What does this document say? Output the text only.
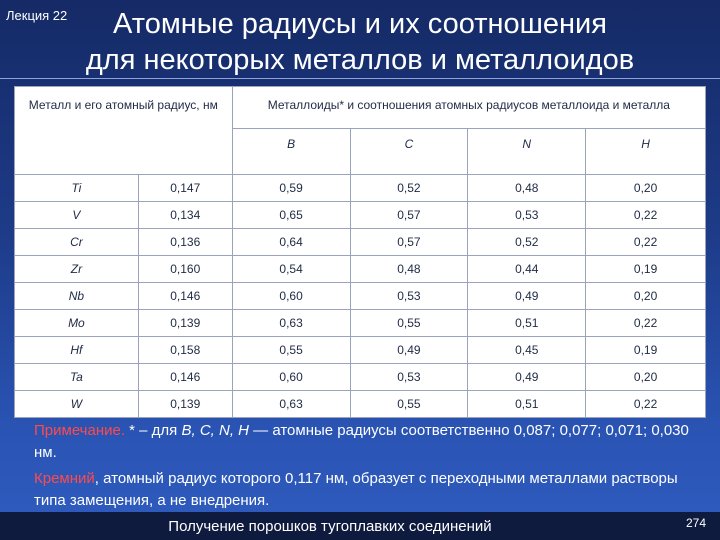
Лекция 22	Атомные радиусы и их соотношения
для некоторых металлов и металлоидов
Металл и его атомный радиус, нм		Металлоиды* и соотношения атомных радиусов металлоида и металла			
		B	C	N	H
Ti	0,147	0,59	0,52	0,48	0,20
V	0,134	0,65	0,57	0,53	0,22
Cr	0,136	0,64	0,57	0,52	0,22
Zr	0,160	0,54	0,48	0,44	0,19
Nb	0,146	0,60	0,53	0,49	0,20
Mo	0,139	0,63	0,55	0,51	0,22
Hf	0,158	0,55	0,49	0,45	0,19
Ta	0,146	0,60	0,53	0,49	0,20
W	0,139	0,63	0,55	0,51	0,22

Примечание. * – для B, C, N, H — атомные радиусы соответственно 0,087; 0,077; 0,071; 0,030 нм.

Кремний, атомный радиус которого 0,117 нм, образует с переходными металлами растворы типа замещения, а не внедрения.

Получение порошков тугоплавких соединений	274
